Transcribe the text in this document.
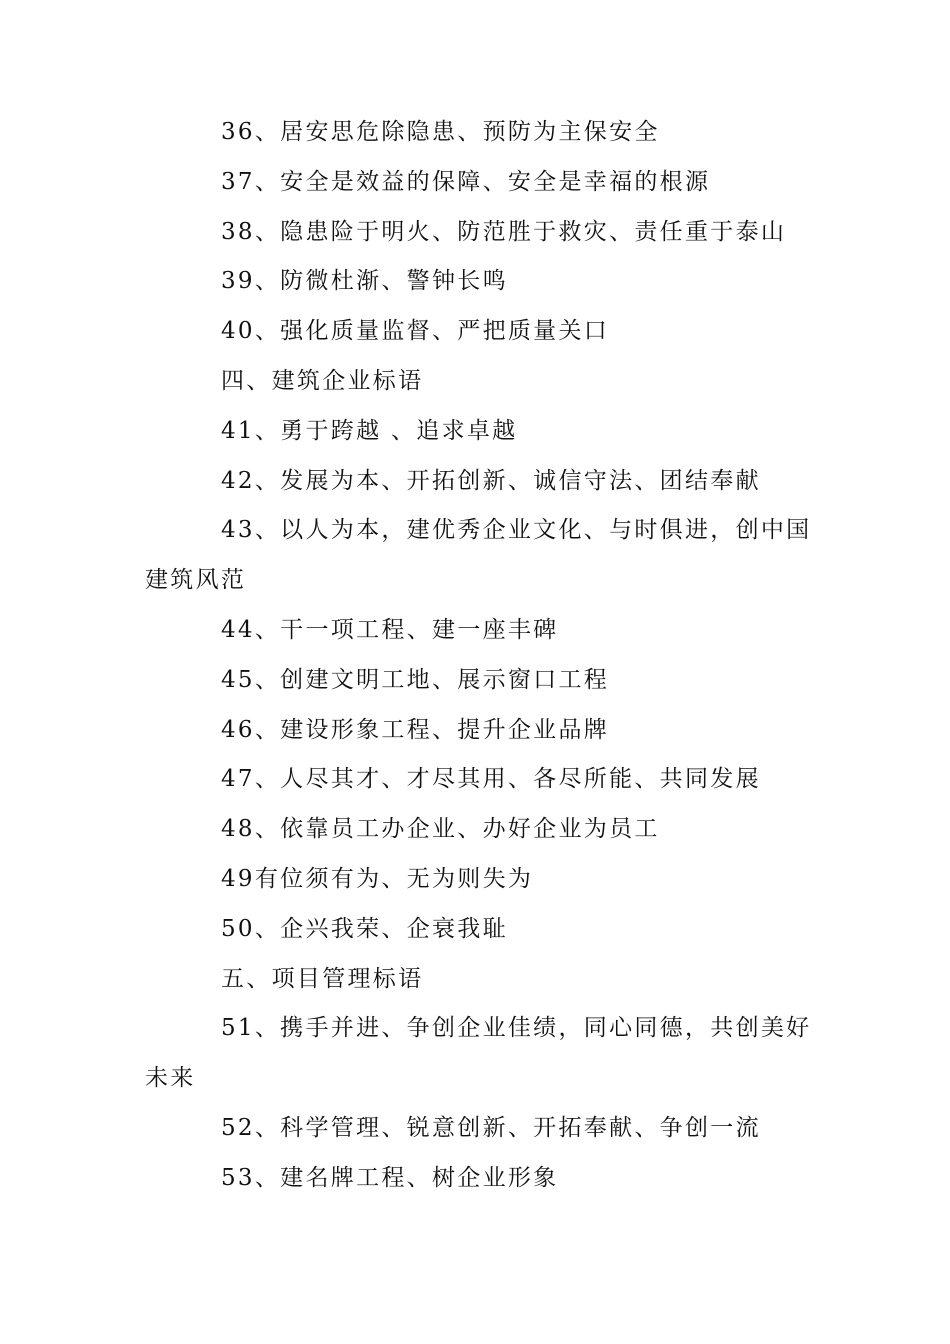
36、居安思危除隐患、预防为主保安全

37、安全是效益的保障、安全是幸福的根源

38、隐患险于明火、防范胜于救灾、责任重于泰山

39、防微杜渐、警钟长鸣

40、强化质量监督、严把质量关口

四、建筑企业标语

41、勇于跨越 、追求卓越

42、发展为本、开拓创新、诚信守法、团结奉献

43、以人为本，建优秀企业文化、与时俱进，创中国

建筑风范

44、干一项工程、建一座丰碑

45、创建文明工地、展示窗口工程

46、建设形象工程、提升企业品牌

47、人尽其才、才尽其用、各尽所能、共同发展

48、依靠员工办企业、办好企业为员工

49有位须有为、无为则失为

50、企兴我荣、企衰我耻

五、项目管理标语

51、携手并进、争创企业佳绩，同心同德，共创美好

未来

52、科学管理、锐意创新、开拓奉献、争创一流

53、建名牌工程、树企业形象
